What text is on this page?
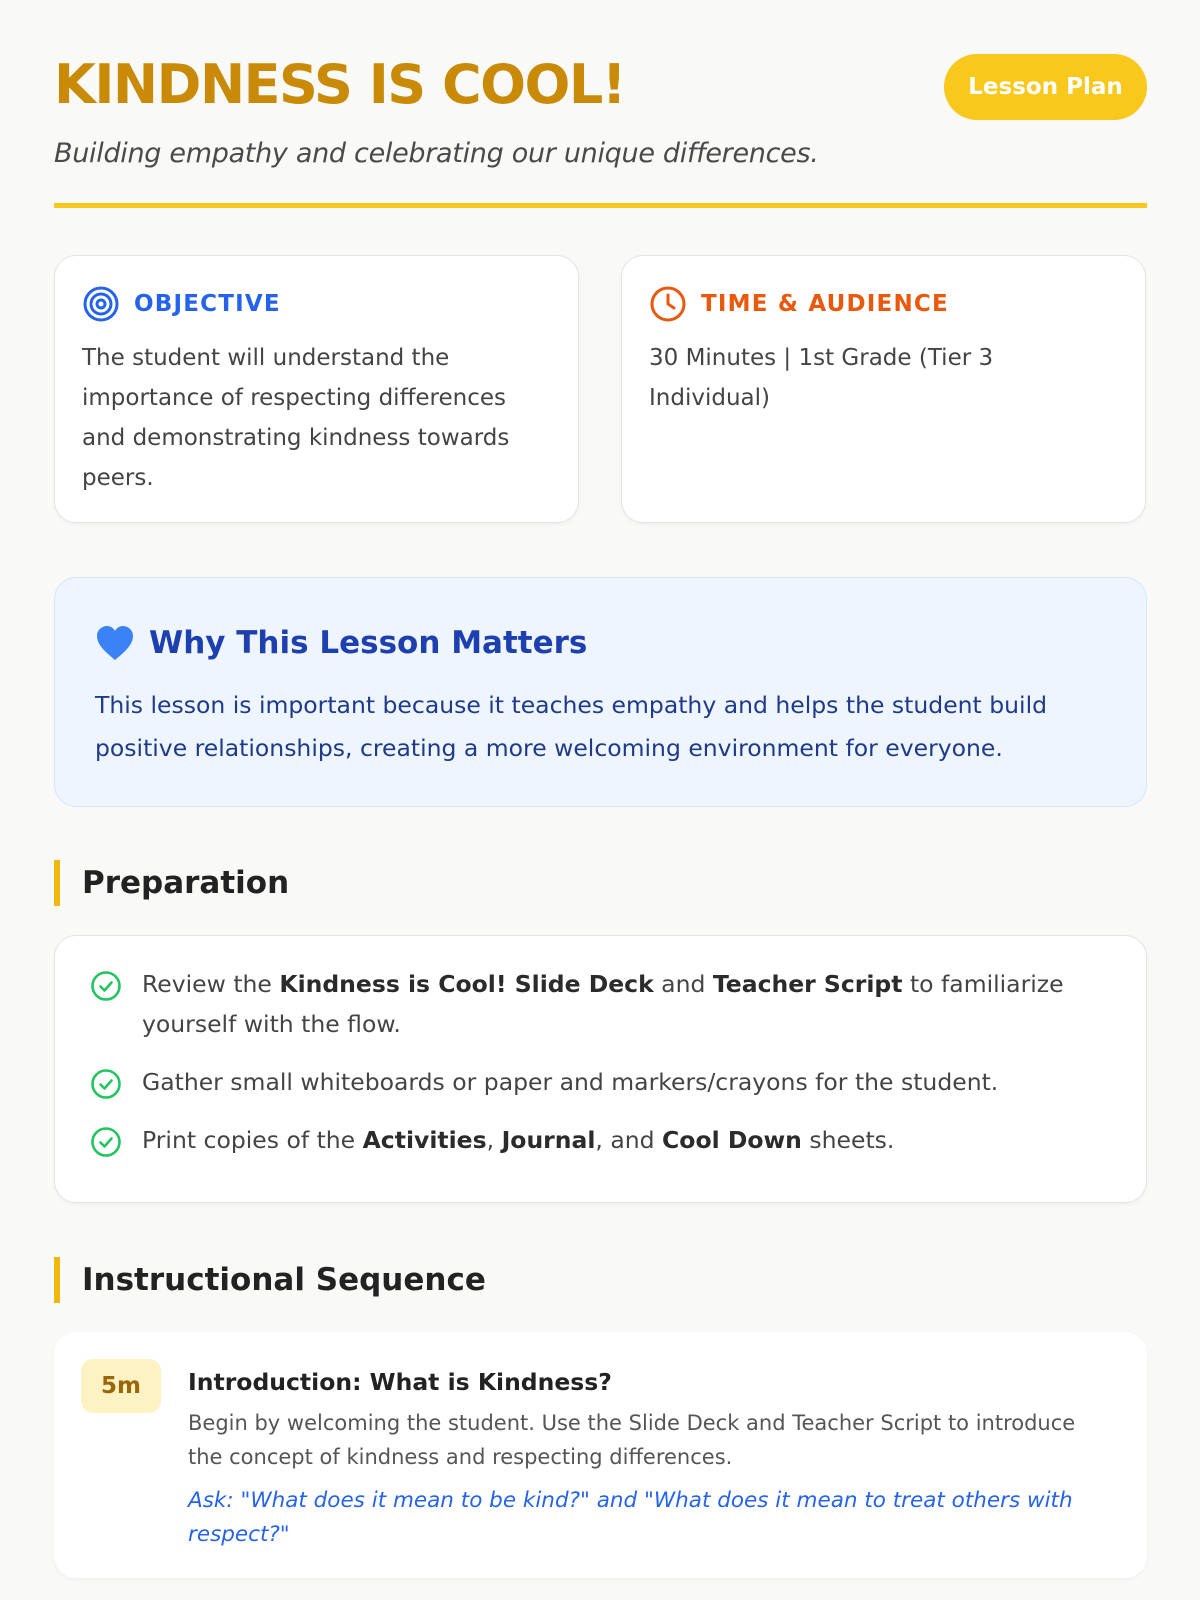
KINDNESS IS COOL!	Lesson Plan
Building empathy and celebrating our unique differences.
OBJECTIVE

The student will understand the importance of respecting differences and demonstrating kindness towards peers.

TIME & AUDIENCE

30 Minutes | 1st Grade (Tier 3 Individual)

Why This Lesson Matters

This lesson is important because it teaches empathy and helps the student build positive relationships, creating a more welcoming environment for everyone.

Preparation
Review the Kindness is Cool! Slide Deck and Teacher Script to familiarize yourself with the flow.
Gather small whiteboards or paper and markers/crayons for the student.
Print copies of the Activities, Journal, and Cool Down sheets.
Instructional Sequence
5m	Introduction: What is Kindness?
Begin by welcoming the student. Use the Slide Deck and Teacher Script to introduce the concept of kindness and respecting differences.
Ask: "What does it mean to be kind?" and "What does it mean to treat others with respect?"
